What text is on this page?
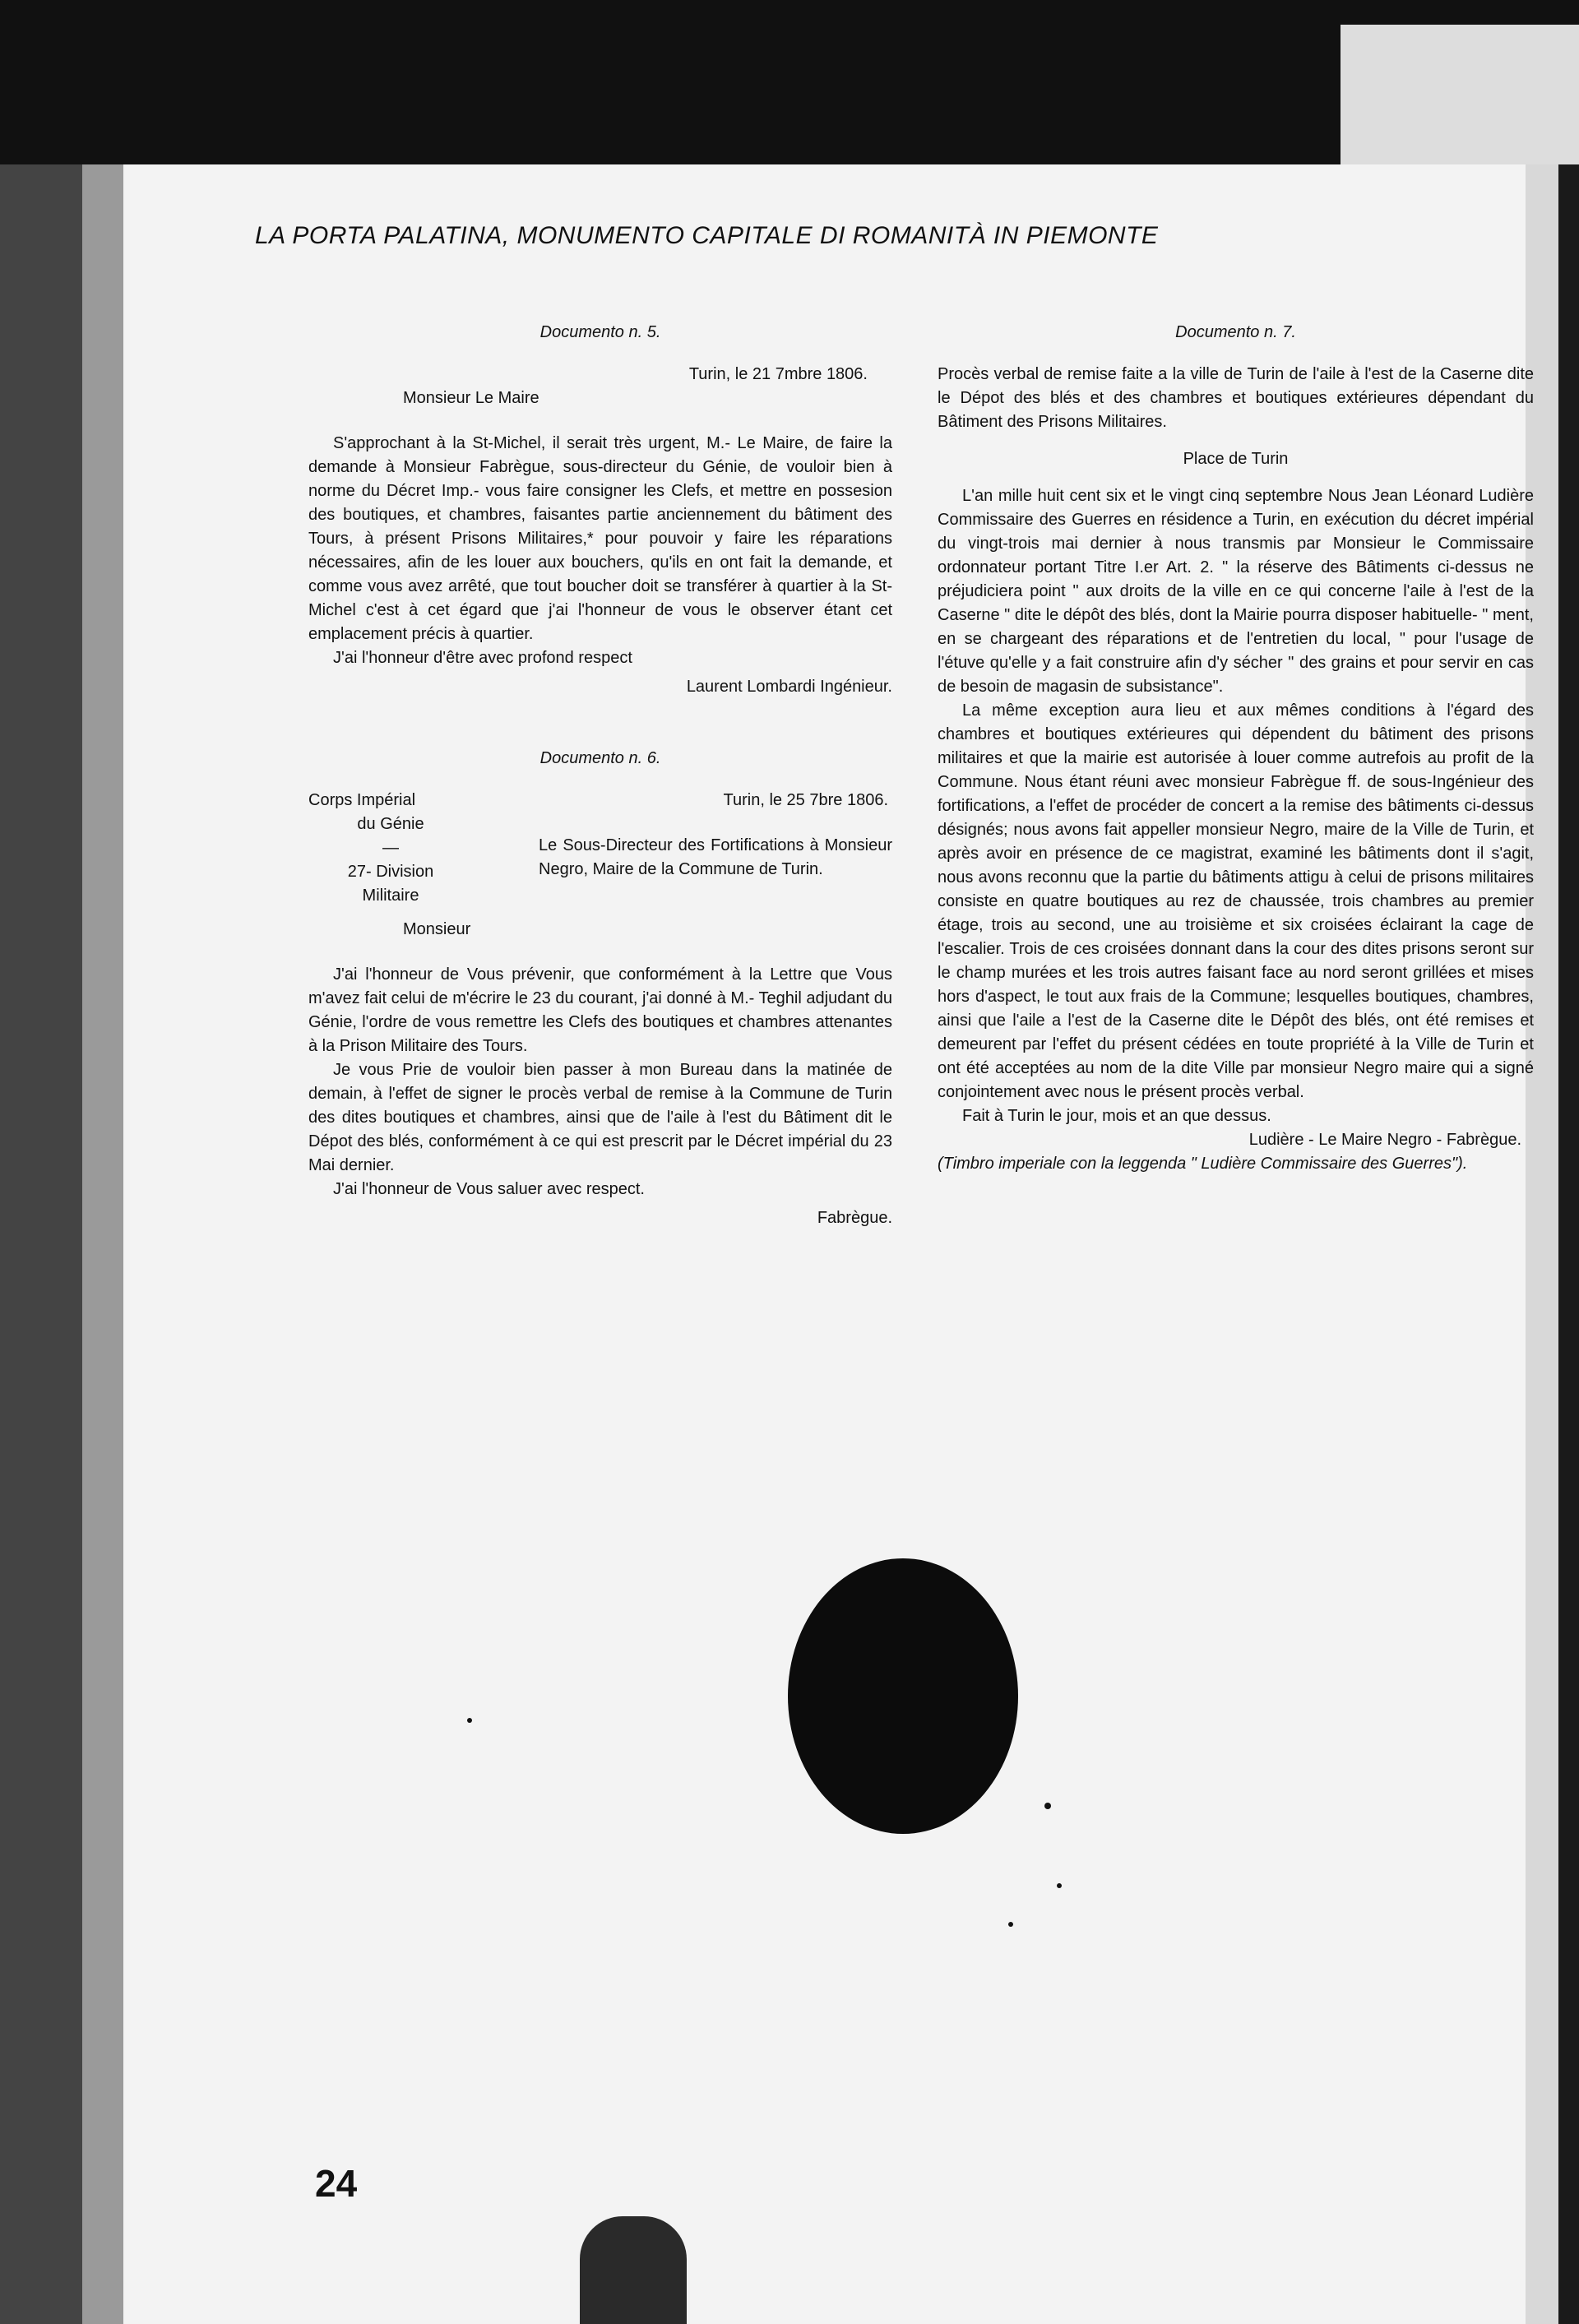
LA PORTA PALATINA, MONUMENTO CAPITALE DI ROMANITÀ IN PIEMONTE

Documento n. 5.

Turin, le 21 7mbre 1806.

Monsieur Le Maire

S'approchant à la St-Michel, il serait très urgent, M.- Le Maire, de faire la demande à Monsieur Fabrègue, sous-directeur du Génie, de vouloir bien à norme du Décret Imp.- vous faire consigner les Clefs, et mettre en possesion des boutiques, et chambres, faisantes partie anciennement du bâtiment des Tours, à présent Prisons Militaires,* pour pouvoir y faire les réparations nécessaires, afin de les louer aux bouchers, qu'ils en ont fait la demande, et comme vous avez arrêté, que tout boucher doit se transférer à quartier à la St-Michel c'est à cet égard que j'ai l'honneur de vous le observer étant cet emplacement précis à quartier.

J'ai l'honneur d'être avec profond respect

Laurent Lombardi Ingénieur.

Documento n. 6.

Corps Impérial

du Génie

—

27- Division

Militaire

Turin, le 25 7bre 1806.

Le Sous-Directeur des Fortifications à Monsieur Negro, Maire de la Commune de Turin.

Monsieur

J'ai l'honneur de Vous prévenir, que conformément à la Lettre que Vous m'avez fait celui de m'écrire le 23 du courant, j'ai donné à M.- Teghil adjudant du Génie, l'ordre de vous remettre les Clefs des boutiques et chambres attenantes à la Prison Militaire des Tours.

Je vous Prie de vouloir bien passer à mon Bureau dans la matinée de demain, à l'effet de signer le procès verbal de remise à la Commune de Turin des dites boutiques et chambres, ainsi que de l'aile à l'est du Bâtiment dit le Dépot des blés, conformément à ce qui est prescrit par le Décret impérial du 23 Mai dernier.

J'ai l'honneur de Vous saluer avec respect.

Fabrègue.

Documento n. 7.

Procès verbal de remise faite a la ville de Turin de l'aile à l'est de la Caserne dite le Dépot des blés et des chambres et boutiques extérieures dépendant du Bâtiment des Prisons Militaires.

Place de Turin

L'an mille huit cent six et le vingt cinq septembre Nous Jean Léonard Ludière Commissaire des Guerres en résidence a Turin, en exécution du décret impérial du vingt-trois mai dernier à nous transmis par Monsieur le Commissaire ordonnateur portant Titre I.er Art. 2. " la réserve des Bâtiments ci-dessus ne préjudiciera point " aux droits de la ville en ce qui concerne l'aile à l'est de la Caserne " dite le dépôt des blés, dont la Mairie pourra disposer habituelle- " ment, en se chargeant des réparations et de l'entretien du local, " pour l'usage de l'étuve qu'elle y a fait construire afin d'y sécher " des grains et pour servir en cas de besoin de magasin de subsistance".

La même exception aura lieu et aux mêmes conditions à l'égard des chambres et boutiques extérieures qui dépendent du bâtiment des prisons militaires et que la mairie est autorisée à louer comme autrefois au profit de la Commune. Nous étant réuni avec monsieur Fabrègue ff. de sous-Ingénieur des fortifications, a l'effet de procéder de concert a la remise des bâtiments ci-dessus désignés; nous avons fait appeller monsieur Negro, maire de la Ville de Turin, et après avoir en présence de ce magistrat, examiné les bâtiments dont il s'agit, nous avons reconnu que la partie du bâtiments attigu à celui de prisons militaires consiste en quatre boutiques au rez de chaussée, trois chambres au premier étage, trois au second, une au troisième et six croisées éclairant la cage de l'escalier. Trois de ces croisées donnant dans la cour des dites prisons seront sur le champ murées et les trois autres faisant face au nord seront grillées et mises hors d'aspect, le tout aux frais de la Commune; lesquelles boutiques, chambres, ainsi que l'aile a l'est de la Caserne dite le Dépôt des blés, ont été remises et demeurent par l'effet du présent cédées en toute propriété à la Ville de Turin et ont été acceptées au nom de la dite Ville par monsieur Negro maire qui a signé conjointement avec nous le présent procès verbal.

Fait à Turin le jour, mois et an que dessus.

Ludière - Le Maire Negro - Fabrègue.

(Timbro imperiale con la leggenda " Ludière Commissaire des Guerres").

24
